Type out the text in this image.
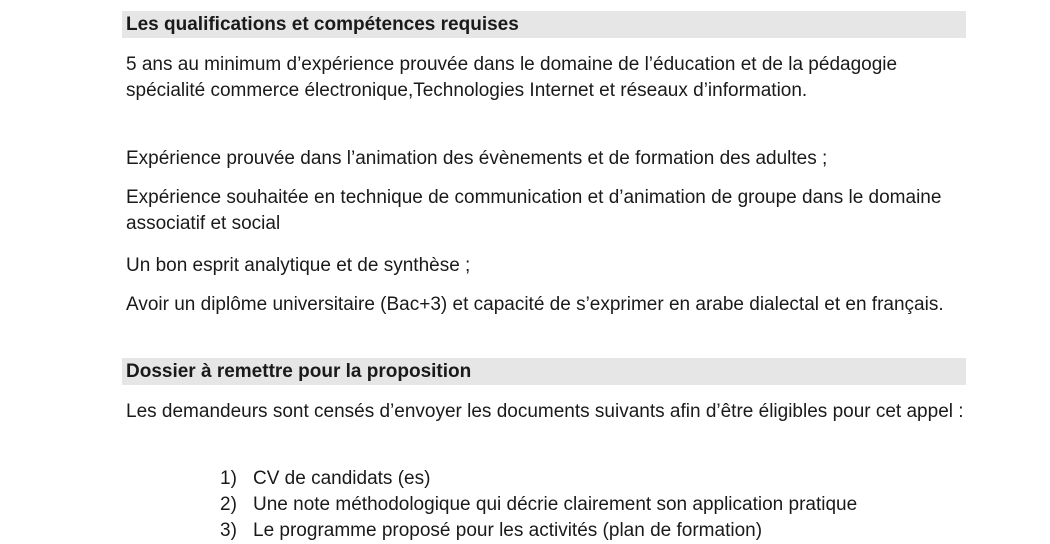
Les qualifications et compétences requises

5 ans au minimum d’expérience prouvée dans le domaine de l’éducation et de la pédagogie spécialité commerce électronique,Technologies Internet et réseaux d’information.

Expérience prouvée dans l’animation des évènements et de formation des adultes ;

Expérience souhaitée en technique de communication et d’animation de groupe dans le domaine associatif et social

Un bon esprit analytique et de synthèse ;

Avoir un diplôme universitaire (Bac+3) et capacité de s’exprimer en arabe dialectal et en français.

Dossier à remettre pour la proposition

Les demandeurs sont censés d’envoyer les documents suivants afin d’être éligibles pour cet appel :

1) CV de candidats (es)
2) Une note méthodologique qui décrie clairement son application pratique
3) Le programme proposé pour les activités (plan de formation)
